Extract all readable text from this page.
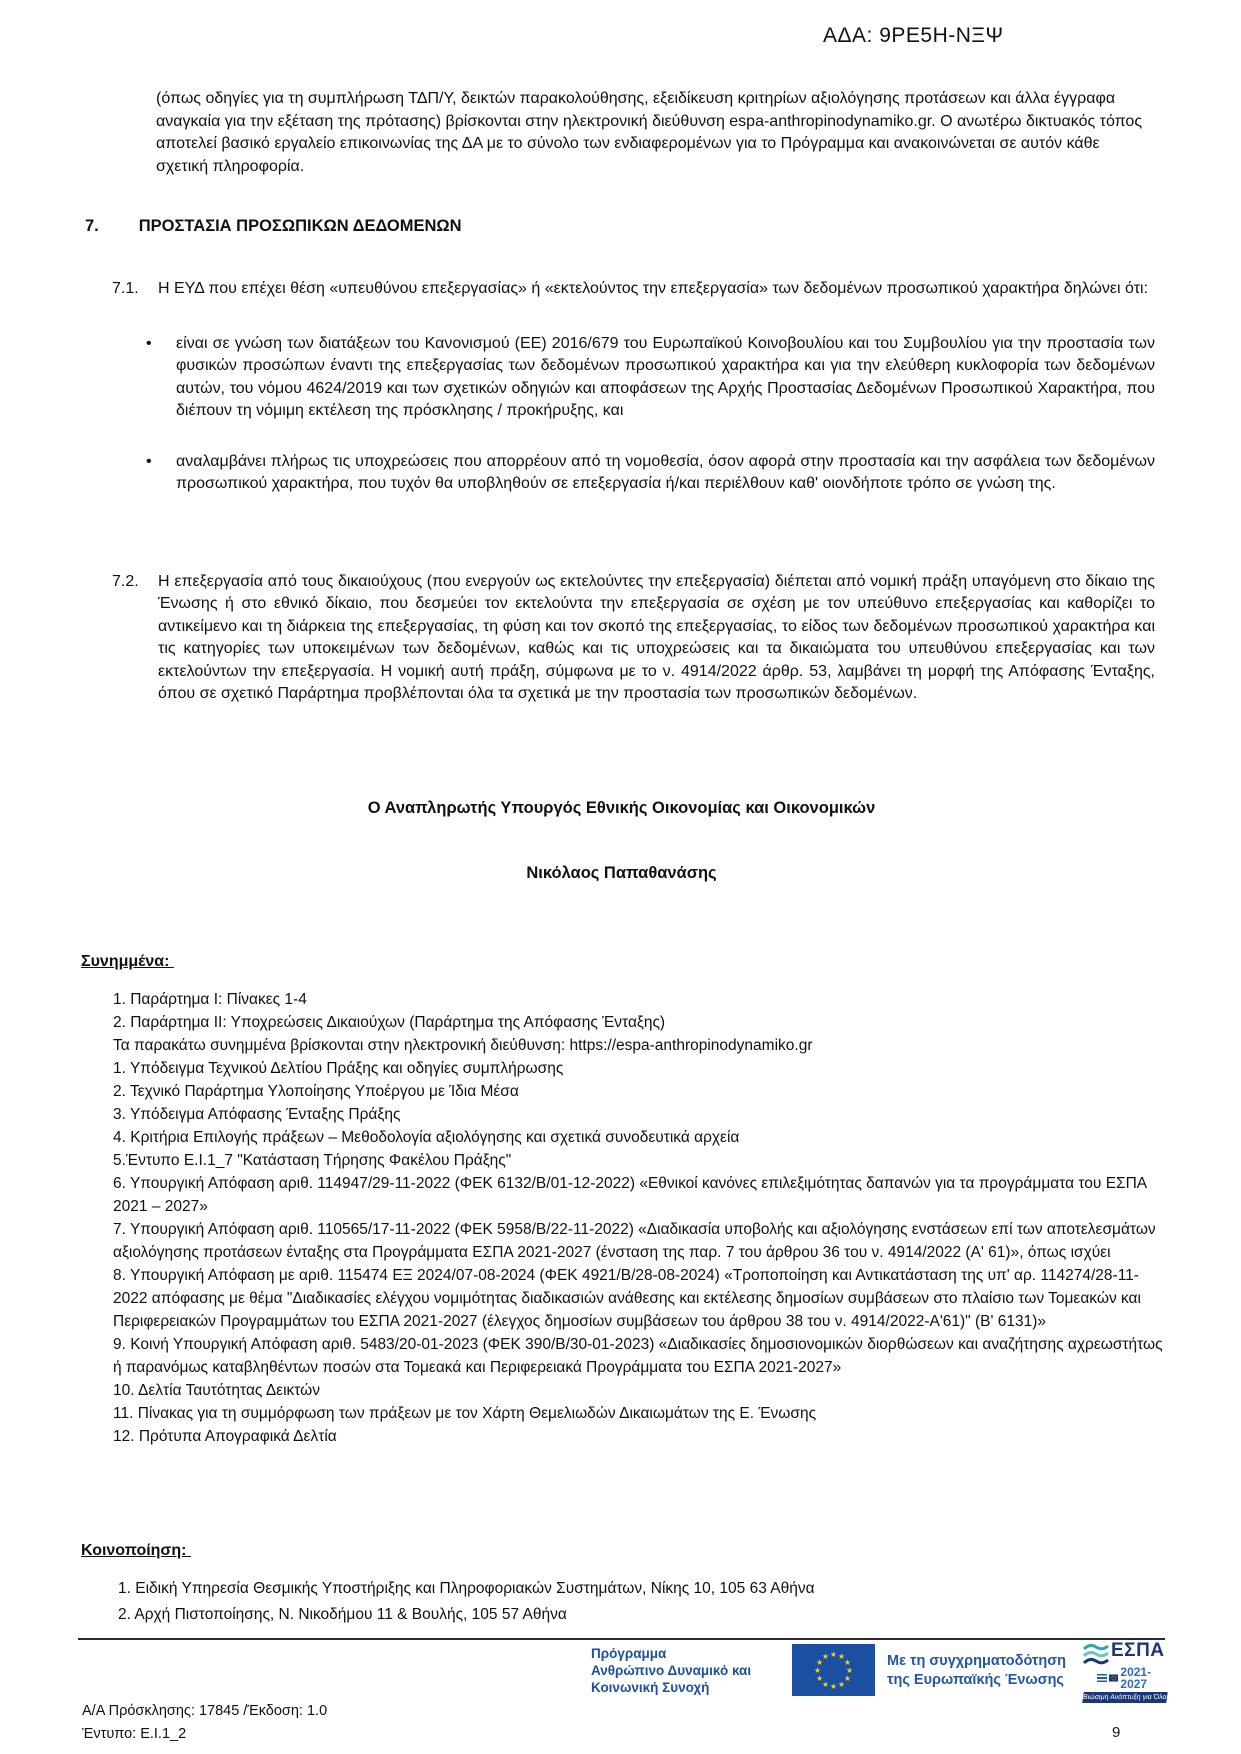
ΑΔΑ: 9ΡΕ5Η-ΝΞΨ

(όπως οδηγίες για τη συμπλήρωση ΤΔΠ/Υ, δεικτών παρακολούθησης, εξειδίκευση κριτηρίων αξιολόγησης προτάσεων και άλλα έγγραφα αναγκαία για την εξέταση της πρότασης) βρίσκονται στην ηλεκτρονική διεύθυνση espa-anthropinodynamiko.gr. Ο ανωτέρω δικτυακός τόπος αποτελεί βασικό εργαλείο επικοινωνίας της ΔΑ με το σύνολο των ενδιαφερομένων για το Πρόγραμμα και ανακοινώνεται σε αυτόν κάθε σχετική πληροφορία.

7. ΠΡΟΣΤΑΣΙΑ ΠΡΟΣΩΠΙΚΩΝ ΔΕΔΟΜΕΝΩΝ
7.1. Η ΕΥΔ που επέχει θέση «υπευθύνου επεξεργασίας» ή «εκτελούντος την επεξεργασία» των δεδομένων προσωπικού χαρακτήρα δηλώνει ότι:
• είναι σε γνώση των διατάξεων του Κανονισμού (ΕΕ) 2016/679 του Ευρωπαϊκού Κοινοβουλίου και του Συμβουλίου για την προστασία των φυσικών προσώπων έναντι της επεξεργασίας των δεδομένων προσωπικού χαρακτήρα και για την ελεύθερη κυκλοφορία των δεδομένων αυτών, του νόμου 4624/2019 και των σχετικών οδηγιών και αποφάσεων της Αρχής Προστασίας Δεδομένων Προσωπικού Χαρακτήρα, που διέπουν τη νόμιμη εκτέλεση της πρόσκλησης / προκήρυξης, και
• αναλαμβάνει πλήρως τις υποχρεώσεις που απορρέουν από τη νομοθεσία, όσον αφορά στην προστασία και την ασφάλεια των δεδομένων προσωπικού χαρακτήρα, που τυχόν θα υποβληθούν σε επεξεργασία ή/και περιέλθουν καθ' οιονδήποτε τρόπο σε γνώση της.
7.2. Η επεξεργασία από τους δικαιούχους (που ενεργούν ως εκτελούντες την επεξεργασία) διέπεται από νομική πράξη υπαγόμενη στο δίκαιο της Ένωσης ή στο εθνικό δίκαιο, που δεσμεύει τον εκτελούντα την επεξεργασία σε σχέση με τον υπεύθυνο επεξεργασίας και καθορίζει το αντικείμενο και τη διάρκεια της επεξεργασίας, τη φύση και τον σκοπό της επεξεργασίας, το είδος των δεδομένων προσωπικού χαρακτήρα και τις κατηγορίες των υποκειμένων των δεδομένων, καθώς και τις υποχρεώσεις και τα δικαιώματα του υπευθύνου επεξεργασίας και των εκτελούντων την επεξεργασία. Η νομική αυτή πράξη, σύμφωνα με το ν. 4914/2022 άρθρ. 53, λαμβάνει τη μορφή της Απόφασης Ένταξης, όπου σε σχετικό Παράρτημα προβλέπονται όλα τα σχετικά με την προστασία των προσωπικών δεδομένων.
Ο Αναπληρωτής Υπουργός Εθνικής Οικονομίας και Οικονομικών
Νικόλαος Παπαθανάσης
Συνημμένα:
1. Παράρτημα Ι: Πίνακες 1-4
2. Παράρτημα ΙΙ: Υποχρεώσεις Δικαιούχων (Παράρτημα της Απόφασης Ένταξης)
Τα παρακάτω συνημμένα βρίσκονται στην ηλεκτρονική διεύθυνση: https://espa-anthropinodynamiko.gr
1. Υπόδειγμα Τεχνικού Δελτίου Πράξης και οδηγίες συμπλήρωσης
2. Τεχνικό Παράρτημα Υλοποίησης Υποέργου με Ίδια Μέσα
3. Υπόδειγμα Απόφασης Ένταξης Πράξης
4. Κριτήρια Επιλογής πράξεων – Μεθοδολογία αξιολόγησης και σχετικά συνοδευτικά αρχεία
5.Έντυπο Ε.Ι.1_7 "Κατάσταση Τήρησης Φακέλου Πράξης"
6. Υπουργική Απόφαση αριθ. 114947/29-11-2022 (ΦΕΚ 6132/Β/01-12-2022) «Εθνικοί κανόνες επιλεξιμότητας δαπανών για τα προγράμματα του ΕΣΠΑ 2021 – 2027»
7. Υπουργική Απόφαση αριθ. 110565/17-11-2022 (ΦΕΚ 5958/Β/22-11-2022) «Διαδικασία υποβολής και αξιολόγησης ενστάσεων επί των αποτελεσμάτων αξιολόγησης προτάσεων ένταξης στα Προγράμματα ΕΣΠΑ 2021-2027 (ένσταση της παρ. 7 του άρθρου 36 του ν. 4914/2022 (Α' 61)», όπως ισχύει
8. Υπουργική Απόφαση με αριθ. 115474 ΕΞ 2024/07-08-2024 (ΦΕΚ 4921/Β/28-08-2024) «Τροποποίηση και Αντικατάσταση της υπ' αρ. 114274/28-11-2022 απόφασης με θέμα "Διαδικασίες ελέγχου νομιμότητας διαδικασιών ανάθεσης και εκτέλεσης δημοσίων συμβάσεων στο πλαίσιο των Τομεακών και Περιφερειακών Προγραμμάτων του ΕΣΠΑ 2021-2027 (έλεγχος δημοσίων συμβάσεων του άρθρου 38 του ν. 4914/2022-Α'61)" (Β' 6131)»
9. Κοινή Υπουργική Απόφαση αριθ. 5483/20-01-2023 (ΦΕΚ 390/Β/30-01-2023) «Διαδικασίες δημοσιονομικών διορθώσεων και αναζήτησης αχρεωστήτως ή παρανόμως καταβληθέντων ποσών στα Τομεακά και Περιφερειακά Προγράμματα του ΕΣΠΑ 2021-2027»
10. Δελτία Ταυτότητας Δεικτών
11. Πίνακας για τη συμμόρφωση των πράξεων με τον Χάρτη Θεμελιωδών Δικαιωμάτων της Ε. Ένωσης
12. Πρότυπα Απογραφικά Δελτία
Κοινοποίηση:
1. Ειδική Υπηρεσία Θεσμικής Υποστήριξης και Πληροφοριακών Συστημάτων, Νίκης 10, 105 63 Αθήνα
2. Αρχή Πιστοποίησης, Ν. Νικοδήμου 11 & Βουλής, 105 57 Αθήνα
Πρόγραμμα
Ανθρώπινο Δυναμικό και
Κοινωνική Συνοχή
★ ★
★
★
★
★
★
★
★
★
★
★	Με τη συγχρηματοδότηση
της Ευρωπαϊκής Ένωσης
ΕΣΠΑ
2021-2027
Βιώσιμη Ανάπτυξη για Όλους
Α/Α Πρόσκλησης: 17845 /Έκδοση: 1.0
Έντυπο: Ε.Ι.1_2	9
